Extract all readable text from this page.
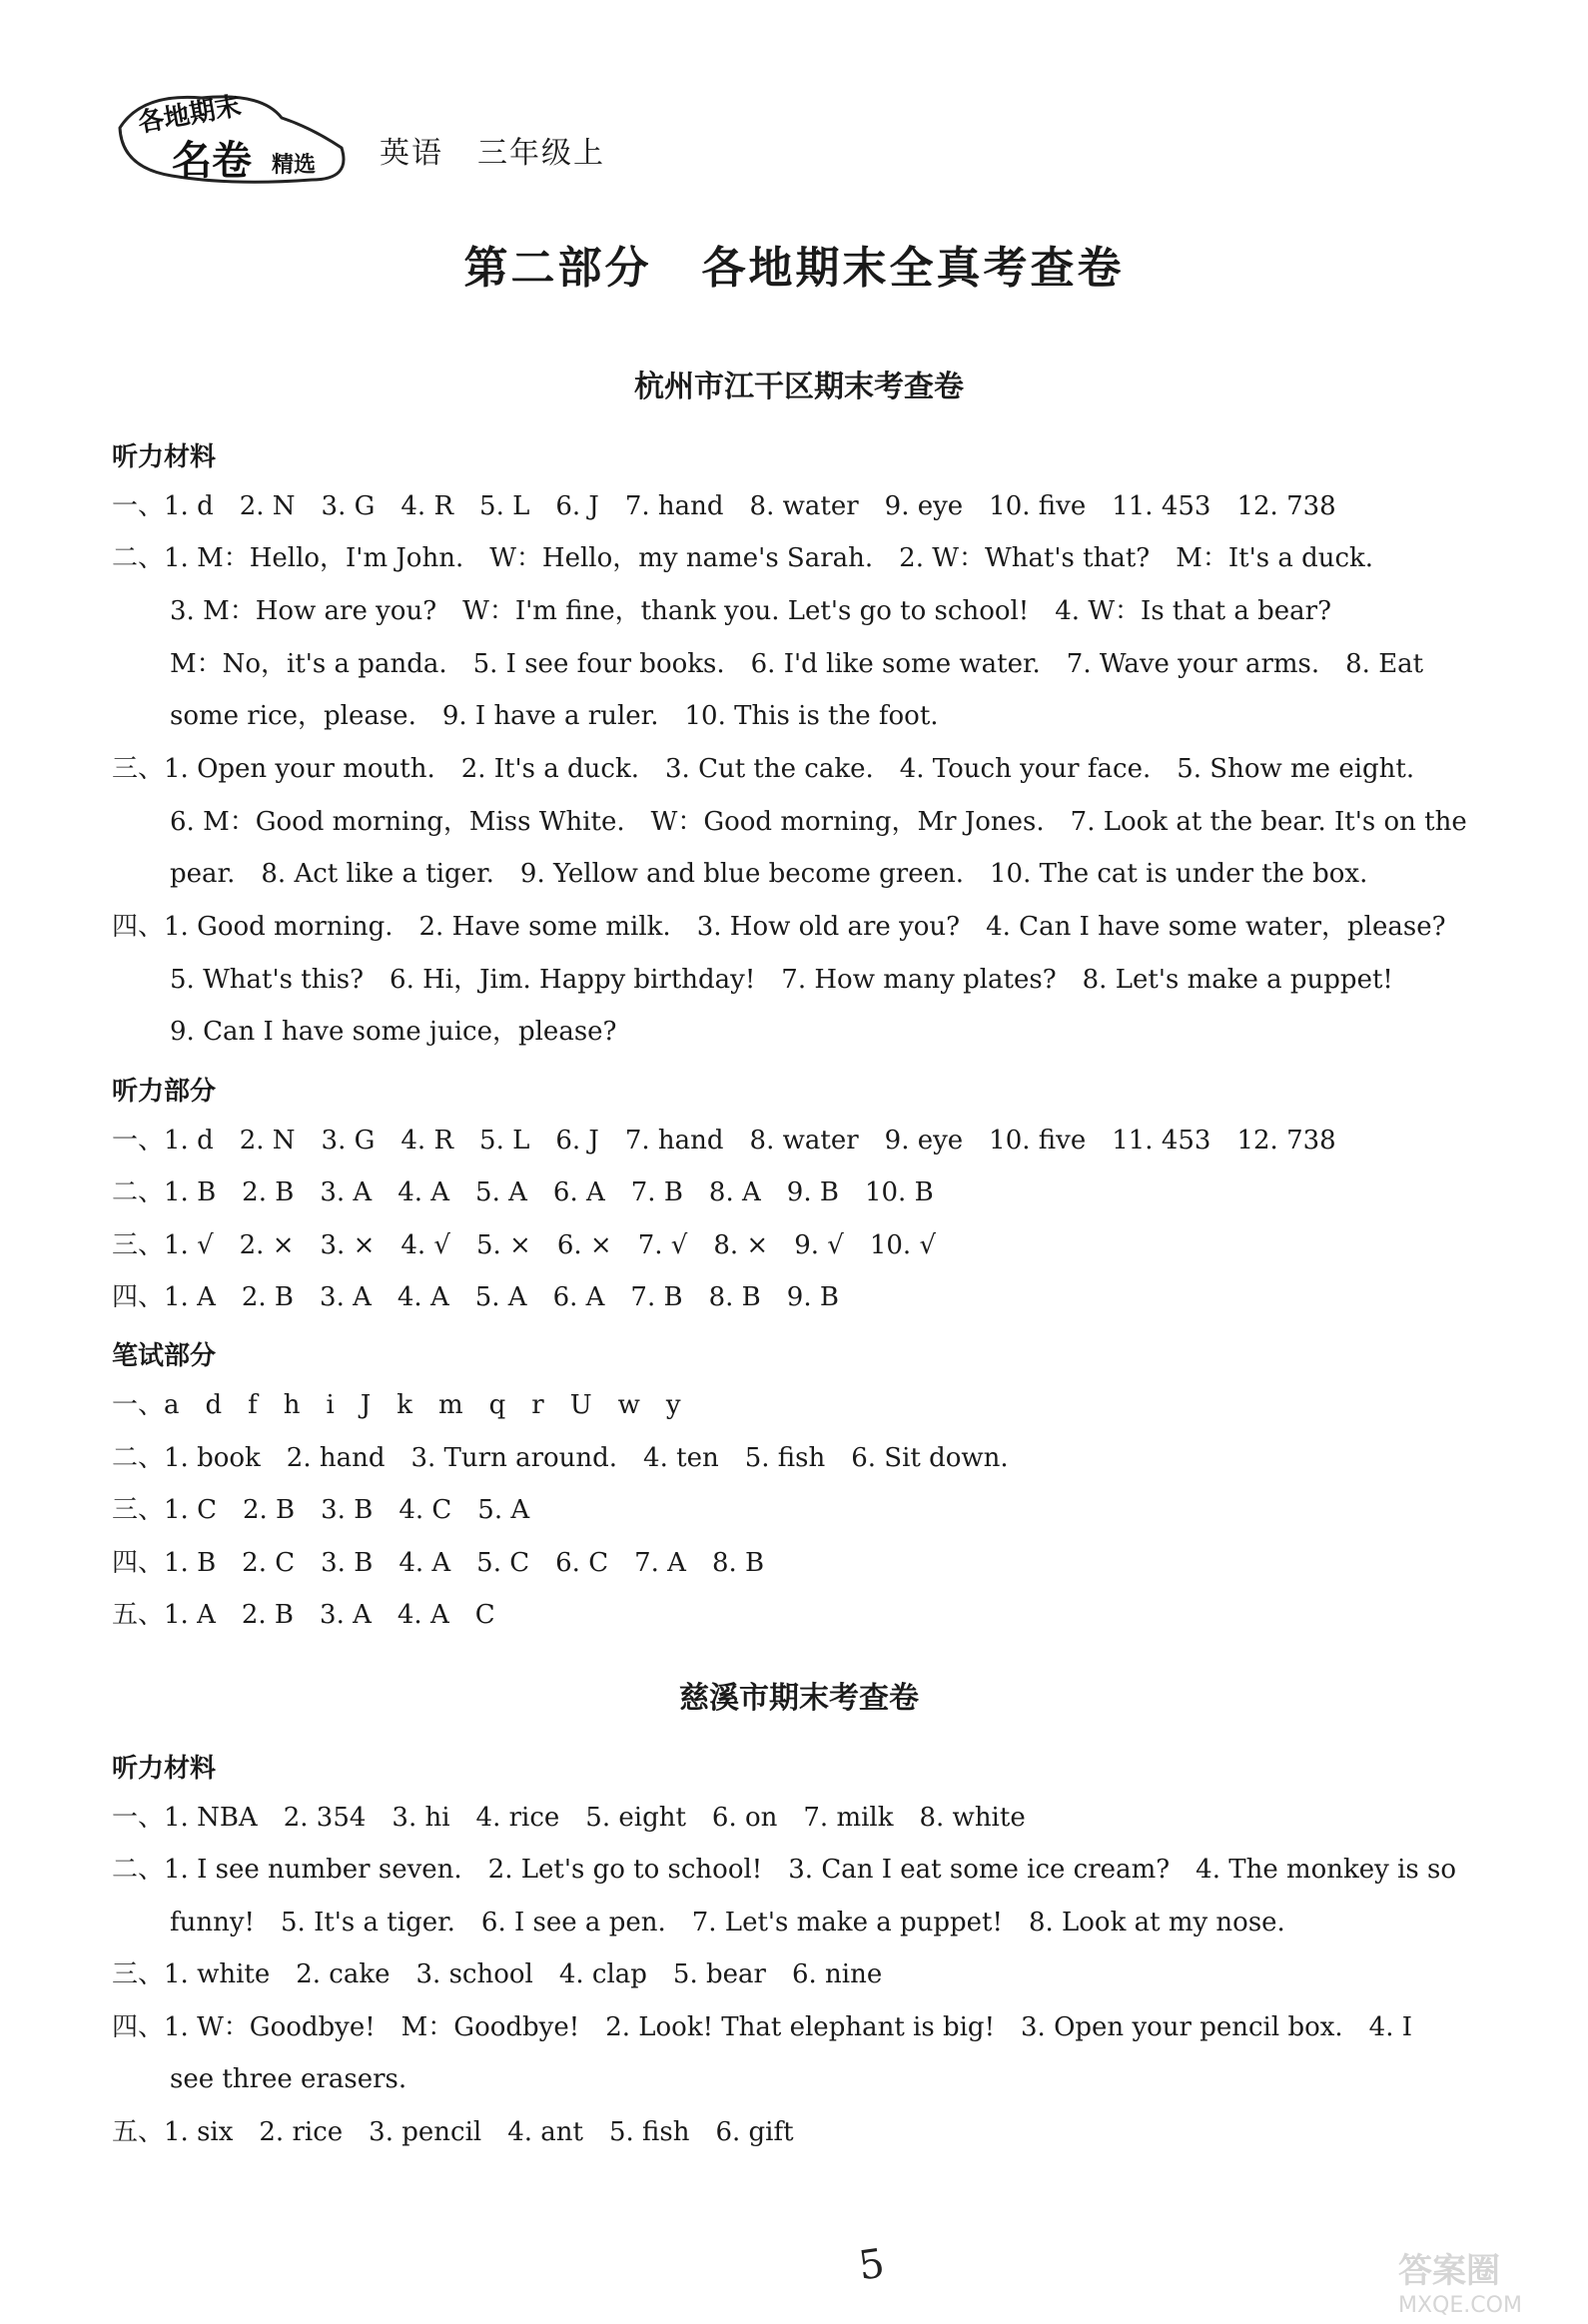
各地期末
名卷 精选 英语 三年级上
第二部分 各地期末全真考查卷
杭州市江干区期末考查卷
听力材料
一、1. d　2. N　3. G　4. R　5. L　6. J　7. hand　8. water　9. eye　10. five　11. 453　12. 738
二、1. M：Hello，I'm John.　W：Hello，my name's Sarah.　2. W：What's that?　M：It's a duck.
3. M：How are you?　W：I'm fine，thank you. Let's go to school!　4. W：Is that a bear?
M：No，it's a panda.　5. I see four books.　6. I'd like some water.　7. Wave your arms.　8. Eat
some rice，please.　9. I have a ruler.　10. This is the foot.
三、1. Open your mouth.　2. It's a duck.　3. Cut the cake.　4. Touch your face.　5. Show me eight.
6. M：Good morning，Miss White.　W：Good morning，Mr Jones.　7. Look at the bear. It's on the
pear.　8. Act like a tiger.　9. Yellow and blue become green.　10. The cat is under the box.
四、1. Good morning.　2. Have some milk.　3. How old are you?　4. Can I have some water，please?
5. What's this?　6. Hi，Jim. Happy birthday!　7. How many plates?　8. Let's make a puppet!
9. Can I have some juice，please?
听力部分
一、1. d　2. N　3. G　4. R　5. L　6. J　7. hand　8. water　9. eye　10. five　11. 453　12. 738
二、1. B　2. B　3. A　4. A　5. A　6. A　7. B　8. A　9. B　10. B
三、1. √　2. ×　3. ×　4. √　5. ×　6. ×　7. √　8. ×　9. √　10. √
四、1. A　2. B　3. A　4. A　5. A　6. A　7. B　8. B　9. B
笔试部分
一、a　d　f　h　i　J　k　m　q　r　U　w　y
二、1. book　2. hand　3. Turn around.　4. ten　5. fish　6. Sit down.
三、1. C　2. B　3. B　4. C　5. A
四、1. B　2. C　3. B　4. A　5. C　6. C　7. A　8. B
五、1. A　2. B　3. A　4. A　C
慈溪市期末考查卷
听力材料
一、1. NBA　2. 354　3. hi　4. rice　5. eight　6. on　7. milk　8. white
二、1. I see number seven.　2. Let's go to school!　3. Can I eat some ice cream?　4. The monkey is so
funny!　5. It's a tiger.　6. I see a pen.　7. Let's make a puppet!　8. Look at my nose.
三、1. white　2. cake　3. school　4. clap　5. bear　6. nine
四、1. W：Goodbye!　M：Goodbye!　2. Look! That elephant is big!　3. Open your pencil box.　4. I
see three erasers.
五、1. six　2. rice　3. pencil　4. ant　5. fish　6. gift
5	答案圈
MXQE.COM
